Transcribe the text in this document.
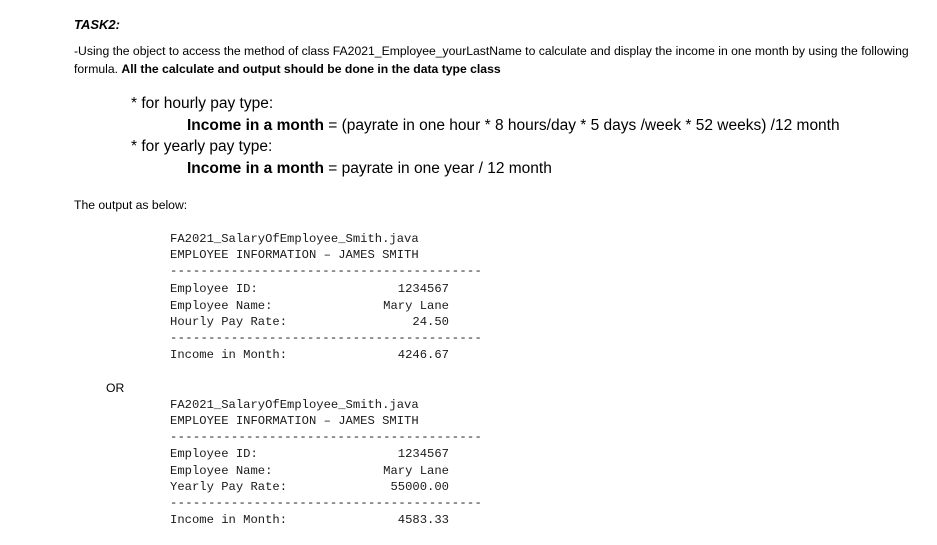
TASK2:
-Using the object to access the method of class FA2021_Employee_yourLastName to calculate and display the income in one month by using the following formula. All the calculate and output should be done in the data type class
* for hourly pay type:
Income in a month = (payrate in one hour * 8 hours/day * 5 days /week * 52 weeks) /12 month
* for yearly pay type:
Income in a month = payrate in one year / 12 month
The output as below:
FA2021_SalaryOfEmployee_Smith.java
EMPLOYEE INFORMATION – JAMES SMITH
-----------------------------------------
Employee ID:	1234567
Employee Name:	Mary Lane
Hourly Pay Rate:	24.50
-----------------------------------------
Income in Month:	4246.67
OR
FA2021_SalaryOfEmployee_Smith.java
EMPLOYEE INFORMATION – JAMES SMITH
-----------------------------------------
Employee ID:	1234567
Employee Name:	Mary Lane
Yearly Pay Rate:	55000.00
-----------------------------------------
Income in Month:	4583.33
